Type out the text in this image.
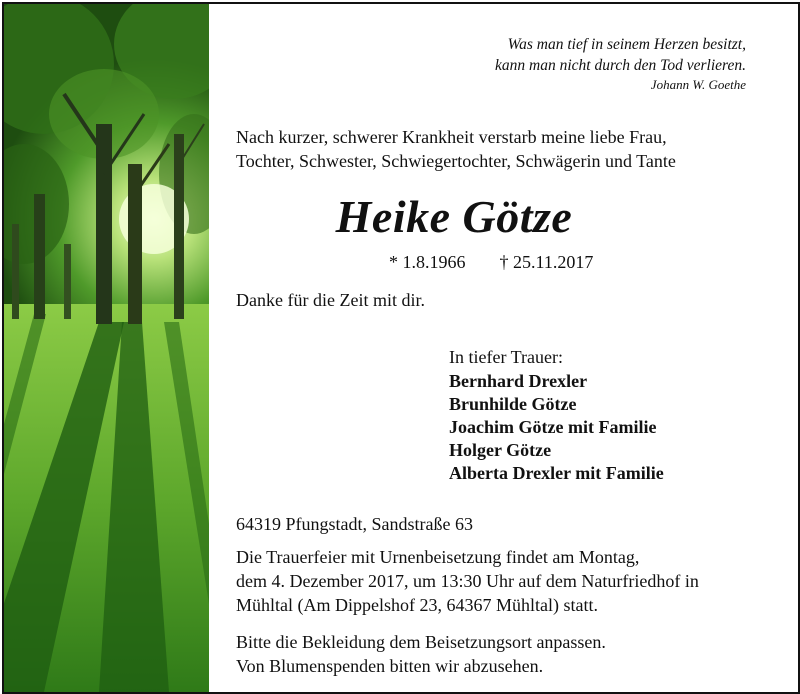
Was man tief in seinem Herzen besitzt,
kann man nicht durch den Tod verlieren.
Johann W. Goethe
Nach kurzer, schwerer Krankheit verstarb meine liebe Frau,
Tochter, Schwester, Schwiegertochter, Schwägerin und Tante
Heike Götze
* 1.8.1966 † 25.11.2017
Danke für die Zeit mit dir.
In tiefer Trauer:
Bernhard Drexler
Brunhilde Götze
Joachim Götze mit Familie
Holger Götze
Alberta Drexler mit Familie
64319 Pfungstadt, Sandstraße 63
Die Trauerfeier mit Urnenbeisetzung findet am Montag,
dem 4. Dezember 2017, um 13:30 Uhr auf dem Naturfriedhof in
Mühltal (Am Dippelshof 23, 64367 Mühltal) statt.
Bitte die Bekleidung dem Beisetzungsort anpassen.
Von Blumenspenden bitten wir abzusehen.
